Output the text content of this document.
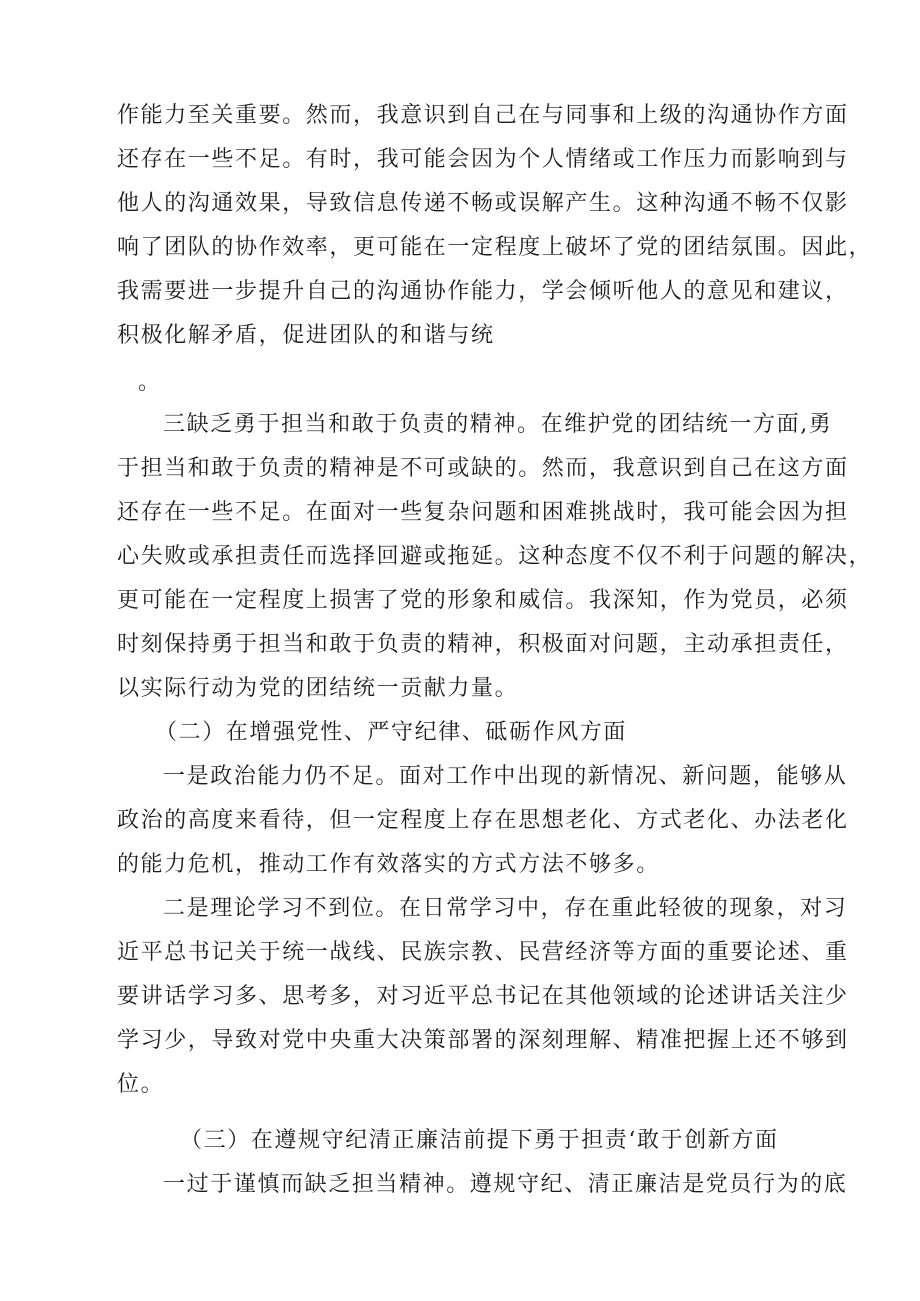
作能力至关重要。然而，我意识到自己在与同事和上级的沟通协作方面

还存在一些不足。有时，我可能会因为个人情绪或工作压力而影响到与

他人的沟通效果，导致信息传递不畅或误解产生。这种沟通不畅不仅影

响了团队的协作效率，更可能在一定程度上破坏了党的团结氛围。因此，

我需要进一步提升自己的沟通协作能力，学会倾听他人的意见和建议，

积极化解矛盾，促进团队的和谐与统

。

三缺乏勇于担当和敢于负责的精神。在维护党的团结统一方面,勇

于担当和敢于负责的精神是不可或缺的。然而，我意识到自己在这方面

还存在一些不足。在面对一些复杂问题和困难挑战时，我可能会因为担

心失败或承担责任而选择回避或拖延。这种态度不仅不利于问题的解决，

更可能在一定程度上损害了党的形象和威信。我深知，作为党员，必须

时刻保持勇于担当和敢于负责的精神，积极面对问题，主动承担责任，

以实际行动为党的团结统一贡献力量。

（二）在增强党性、严守纪律、砥砺作风方面

一是政治能力仍不足。面对工作中出现的新情况、新问题，能够从

政治的高度来看待，但一定程度上存在思想老化、方式老化、办法老化

的能力危机，推动工作有效落实的方式方法不够多。

二是理论学习不到位。在日常学习中，存在重此轻彼的现象，对习

近平总书记关于统一战线、民族宗教、民营经济等方面的重要论述、重

要讲话学习多、思考多，对习近平总书记在其他领域的论述讲话关注少

学习少，导致对党中央重大决策部署的深刻理解、精准把握上还不够到

位。

（三）在遵规守纪清正廉洁前提下勇于担责‘敢于创新方面

一过于谨慎而缺乏担当精神。遵规守纪、清正廉洁是党员行为的底
